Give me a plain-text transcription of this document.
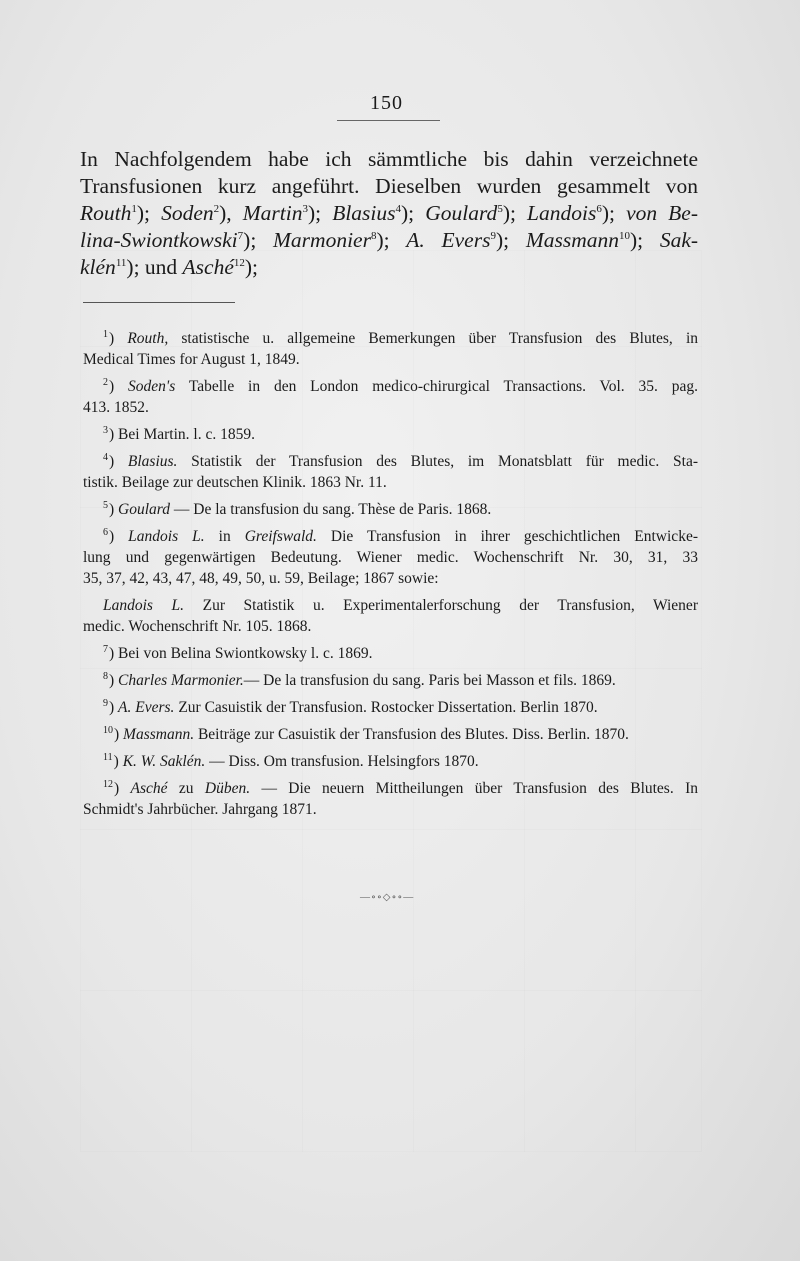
150
In Nachfolgendem habe ich sämmtliche bis dahin verzeichnete
Transfusionen kurz angeführt. Dieselben wurden gesammelt von
Routh$^1$); Soden$^2$), Martin$^3$); Blasius$^4$); Goulard$^5$); Landois$^6$); von Be-
lina-Swiontkowski$^7$); Marmonier$^8$); A. Evers$^9$); Massmann$^{10}$); Sak-
klén$^{11}$); und Asché$^{12}$);
$^1$) Routh, statistische u. allgemeine Bemerkungen über Transfusion des Blutes, in
Medical Times for August 1, 1849.
$^2$) Soden's Tabelle in den London medico-chirurgical Transactions. Vol. 35. pag.
413. 1852.
$^3$) Bei Martin. l. c. 1859.
$^4$) Blasius. Statistik der Transfusion des Blutes, im Monatsblatt für medic. Sta-
tistik. Beilage zur deutschen Klinik. 1863 Nr. 11.
$^5$) Goulard — De la transfusion du sang. Thèse de Paris. 1868.
$^6$) Landois L. in Greifswald. Die Transfusion in ihrer geschichtlichen Entwicke-
lung und gegenwärtigen Bedeutung. Wiener medic. Wochenschrift Nr. 30, 31, 33
35, 37, 42, 43, 47, 48, 49, 50, u. 59, Beilage; 1867 sowie:
Landois L. Zur Statistik u. Experimentalerforschung der Transfusion, Wiener
medic. Wochenschrift Nr. 105. 1868.
$^7$) Bei von Belina Swiontkowsky l. c. 1869.
$^8$) Charles Marmonier.— De la transfusion du sang. Paris bei Masson et fils. 1869.
$^9$) A. Evers. Zur Casuistik der Transfusion. Rostocker Dissertation. Berlin 1870.
$^{10}$) Massmann. Beiträge zur Casuistik der Transfusion des Blutes. Diss. Berlin. 1870.
$^{11}$) K. W. Saklén. — Diss. Om transfusion. Helsingfors 1870.
$^{12}$) Asché zu Düben. — Die neuern Mittheilungen über Transfusion des Blutes. In
Schmidt's Jahrbücher. Jahrgang 1871.
—∘∘◇∘∘—
